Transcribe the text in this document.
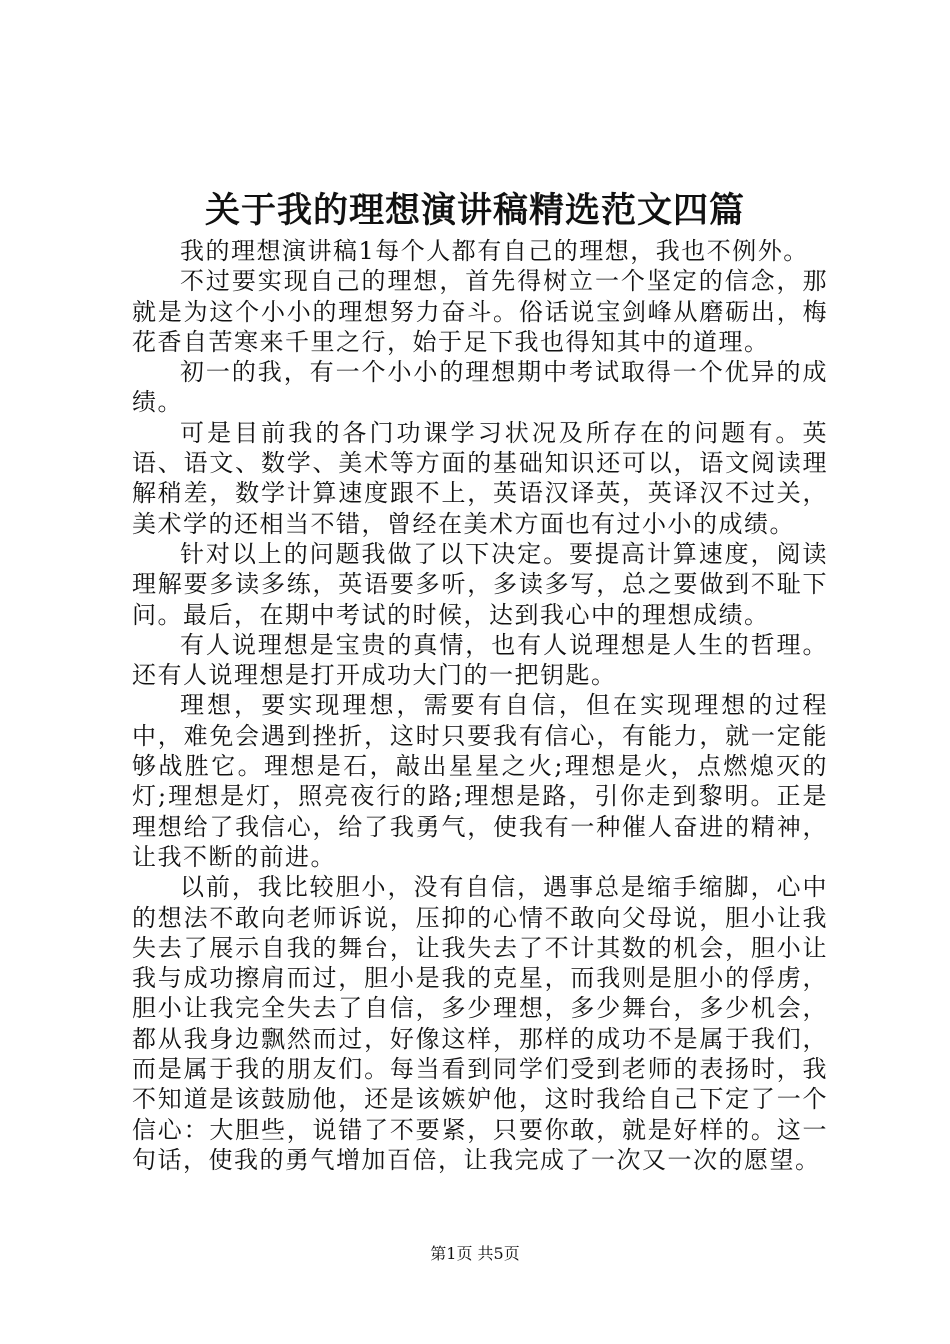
关于我的理想演讲稿精选范文四篇

我的理想演讲稿1每个人都有自己的理想，我也不例外。

不过要实现自己的理想，首先得树立一个坚定的信念，那就是为这个小小的理想努力奋斗。俗话说宝剑峰从磨砺出，梅花香自苦寒来千里之行，始于足下我也得知其中的道理。

初一的我，有一个小小的理想期中考试取得一个优异的成绩。

可是目前我的各门功课学习状况及所存在的问题有。英语、语文、数学、美术等方面的基础知识还可以，语文阅读理解稍差，数学计算速度跟不上，英语汉译英，英译汉不过关，美术学的还相当不错，曾经在美术方面也有过小小的成绩。

针对以上的问题我做了以下决定。要提高计算速度，阅读理解要多读多练，英语要多听，多读多写，总之要做到不耻下问。最后，在期中考试的时候，达到我心中的理想成绩。

有人说理想是宝贵的真情，也有人说理想是人生的哲理。还有人说理想是打开成功大门的一把钥匙。

理想，要实现理想，需要有自信，但在实现理想的过程中，难免会遇到挫折，这时只要我有信心，有能力，就一定能够战胜它。理想是石，敲出星星之火;理想是火，点燃熄灭的灯;理想是灯，照亮夜行的路;理想是路，引你走到黎明。正是理想给了我信心，给了我勇气，使我有一种催人奋进的精神，让我不断的前进。

以前，我比较胆小，没有自信，遇事总是缩手缩脚，心中的想法不敢向老师诉说，压抑的心情不敢向父母说，胆小让我失去了展示自我的舞台，让我失去了不计其数的机会，胆小让我与成功擦肩而过，胆小是我的克星，而我则是胆小的俘虏，胆小让我完全失去了自信，多少理想，多少舞台，多少机会，都从我身边飘然而过，好像这样，那样的成功不是属于我们，而是属于我的朋友们。每当看到同学们受到老师的表扬时，我不知道是该鼓励他，还是该嫉妒他，这时我给自己下定了一个信心：大胆些，说错了不要紧，只要你敢，就是好样的。这一句话，使我的勇气增加百倍，让我完成了一次又一次的愿望。

第1页 共5页
